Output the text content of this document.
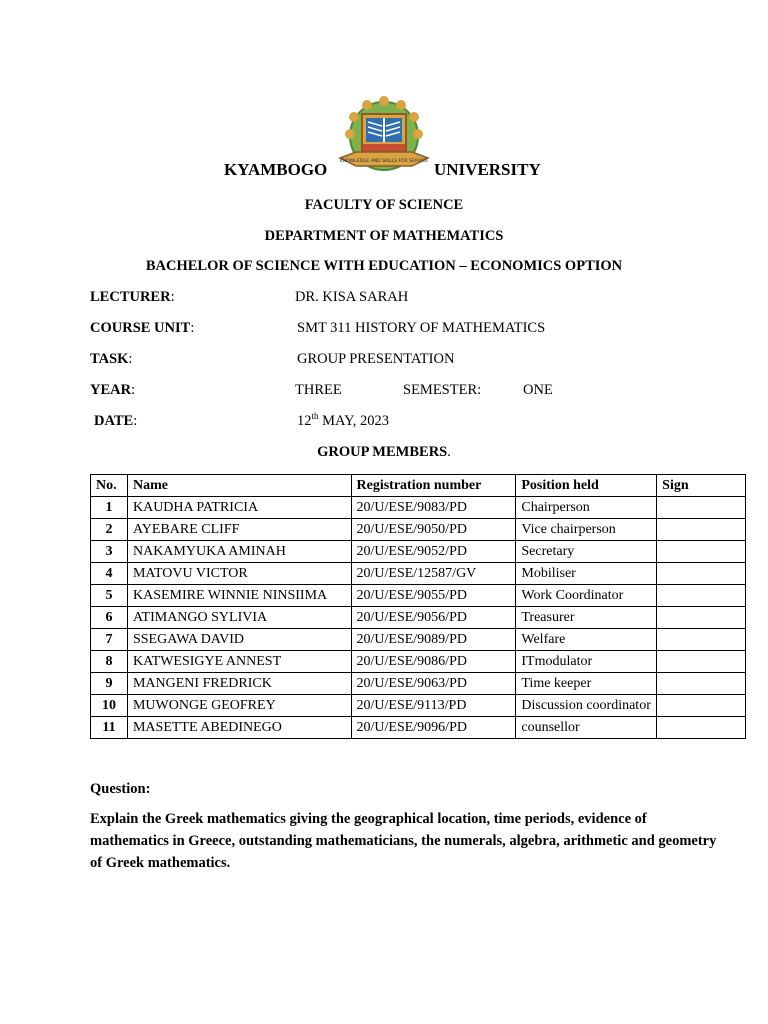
KNOWLEDGE AND SKILLS FOR SERVICE
KYAMBOGO	UNIVERSITY
FACULTY OF SCIENCE
DEPARTMENT OF MATHEMATICS
BACHELOR OF SCIENCE WITH EDUCATION – ECONOMICS OPTION
LECTURER:	DR. KISA SARAH
COURSE UNIT:	SMT 311 HISTORY OF MATHEMATICS
TASK:	GROUP PRESENTATION
YEAR:	THREE	SEMESTER:	ONE
DATE:	12th MAY, 2023
GROUP MEMBERS.
No.	Name	Registration number	Position held	Sign
1	KAUDHA PATRICIA	20/U/ESE/9083/PD	Chairperson	
2	AYEBARE CLIFF	20/U/ESE/9050/PD	Vice chairperson	
3	NAKAMYUKA AMINAH	20/U/ESE/9052/PD	Secretary	
4	MATOVU VICTOR	20/U/ESE/12587/GV	Mobiliser	
5	KASEMIRE WINNIE NINSIIMA	20/U/ESE/9055/PD	Work Coordinator	
6	ATIMANGO SYLIVIA	20/U/ESE/9056/PD	Treasurer	
7	SSEGAWA DAVID	20/U/ESE/9089/PD	Welfare	
8	KATWESIGYE ANNEST	20/U/ESE/9086/PD	ITmodulator	
9	MANGENI FREDRICK	20/U/ESE/9063/PD	Time keeper	
10	MUWONGE GEOFREY	20/U/ESE/9113/PD	Discussion coordinator	
11	MASETTE ABEDINEGO	20/U/ESE/9096/PD	counsellor	
Question:
Explain the Greek mathematics giving the geographical location, time periods, evidence of mathematics in Greece, outstanding mathematicians, the numerals, algebra, arithmetic and geometry of Greek mathematics.
